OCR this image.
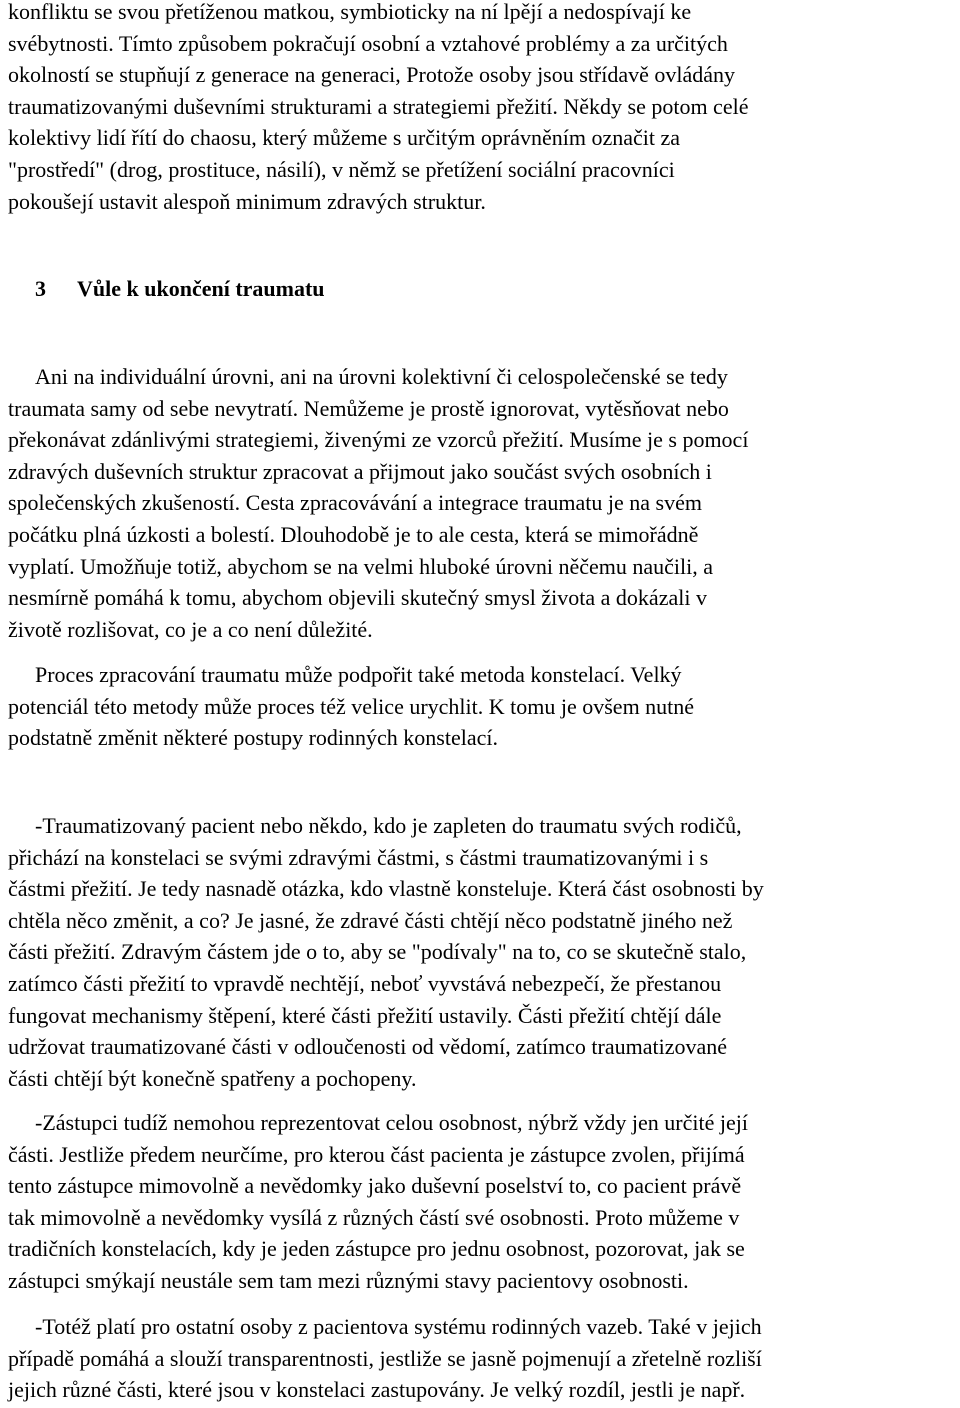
konfliktu se svou přetíženou matkou, symbioticky na ní lpějí a nedospívají ke
svébytnosti. Tímto způsobem pokračují osobní a vztahové problémy a za určitých
okolností se stupňují z generace na generaci, Protože osoby jsou střídavě ovládány
traumatizovanými duševními strukturami a strategiemi přežití. Někdy se potom celé
kolektivy lidí řítí do chaosu, který můžeme s určitým oprávněním označit za
"prostředí" (drog, prostituce, násilí), v němž se přetížení sociální pracovníci
pokoušejí ustavit alespoň minimum zdravých struktur.

3 Vůle k ukončení traumatu

Ani na individuální úrovni, ani na úrovni kolektivní či celospolečenské se tedy
traumata samy od sebe nevytratí. Nemůžeme je prostě ignorovat, vytěsňovat nebo
překonávat zdánlivými strategiemi, živenými ze vzorců přežití. Musíme je s pomocí
zdravých duševních struktur zpracovat a přijmout jako součást svých osobních i
společenských zkušeností. Cesta zpracovávání a integrace traumatu je na svém
počátku plná úzkosti a bolestí. Dlouhodobě je to ale cesta, která se mimořádně
vyplatí. Umožňuje totiž, abychom se na velmi hluboké úrovni něčemu naučili, a
nesmírně pomáhá k tomu, abychom objevili skutečný smysl života a dokázali v
životě rozlišovat, co je a co není důležité.

Proces zpracování traumatu může podpořit také metoda konstelací. Velký
potenciál této metody může proces též velice urychlit. K tomu je ovšem nutné
podstatně změnit některé postupy rodinných konstelací.

-Traumatizovaný pacient nebo někdo, kdo je zapleten do traumatu svých rodičů,
přichází na konstelaci se svými zdravými částmi, s částmi traumatizovanými i s
částmi přežití. Je tedy nasnadě otázka, kdo vlastně konsteluje. Která část osobnosti by
chtěla něco změnit, a co? Je jasné, že zdravé části chtějí něco podstatně jiného než
části přežití. Zdravým částem jde o to, aby se "podívaly" na to, co se skutečně stalo,
zatímco části přežití to vpravdě nechtějí, neboť vyvstává nebezpečí, že přestanou
fungovat mechanismy štěpení, které části přežití ustavily. Části přežití chtějí dále
udržovat traumatizované části v odloučenosti od vědomí, zatímco traumatizované
části chtějí být konečně spatřeny a pochopeny.

-Zástupci tudíž nemohou reprezentovat celou osobnost, nýbrž vždy jen určité její
části. Jestliže předem neurčíme, pro kterou část pacienta je zástupce zvolen, přijímá
tento zástupce mimovolně a nevědomky jako duševní poselství to, co pacient právě
tak mimovolně a nevědomky vysílá z různých částí své osobnosti. Proto můžeme v
tradičních konstelacích, kdy je jeden zástupce pro jednu osobnost, pozorovat, jak se
zástupci smýkají neustále sem tam mezi různými stavy pacientovy osobnosti.

-Totéž platí pro ostatní osoby z pacientova systému rodinných vazeb. Také v jejich
případě pomáhá a slouží transparentnosti, jestliže se jasně pojmenují a zřetelně rozliší
jejich různé části, které jsou v konstelaci zastupovány. Je velký rozdíl, jestli je např.
